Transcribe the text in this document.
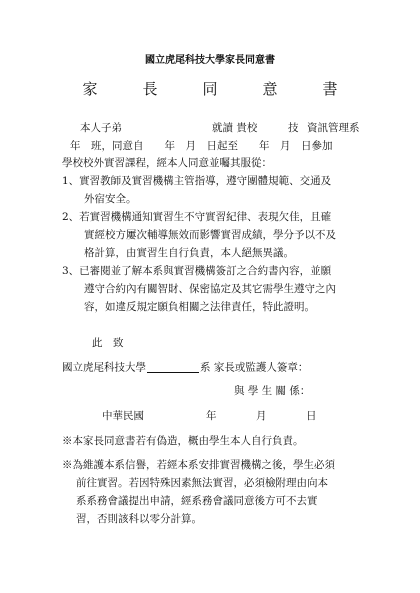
國立虎尾科技大學家長同意書
家　長　同　意　書
本人子弟	就讀 貴校	技 資訊管理系
年　班，同意自　　年　月　日起至　　年　月　日參加
學校校外實習課程，經本人同意並囑其服從：
1、實習教師及實習機構主管指導，遵守團體規範、交通及
外宿安全。
2、若實習機構通知實習生不守實習紀律、表現欠佳，且確
實經校方屢次輔導無效而影響實習成績，學分予以不及
格計算，由實習生自行負責，本人絕無異議。
3、已審閱並了解本系與實習機構簽訂之合約書內容，並願
遵守合約內有關智財、保密協定及其它需學生遵守之內
容，如違反規定願負相關之法律責任，特此證明。
此　致
國立虎尾科技大學	系 家長或監護人簽章：
與 學 生 關 係：
中華民國	年	月	日
※本家長同意書若有偽造，概由學生本人自行負責。
※為維護本系信譽，若經本系安排實習機構之後，學生必須
前往實習。若因特殊因素無法實習，必須檢附理由向本
系系務會議提出申請，經系務會議同意後方可不去實
習，否則該科以零分計算。
